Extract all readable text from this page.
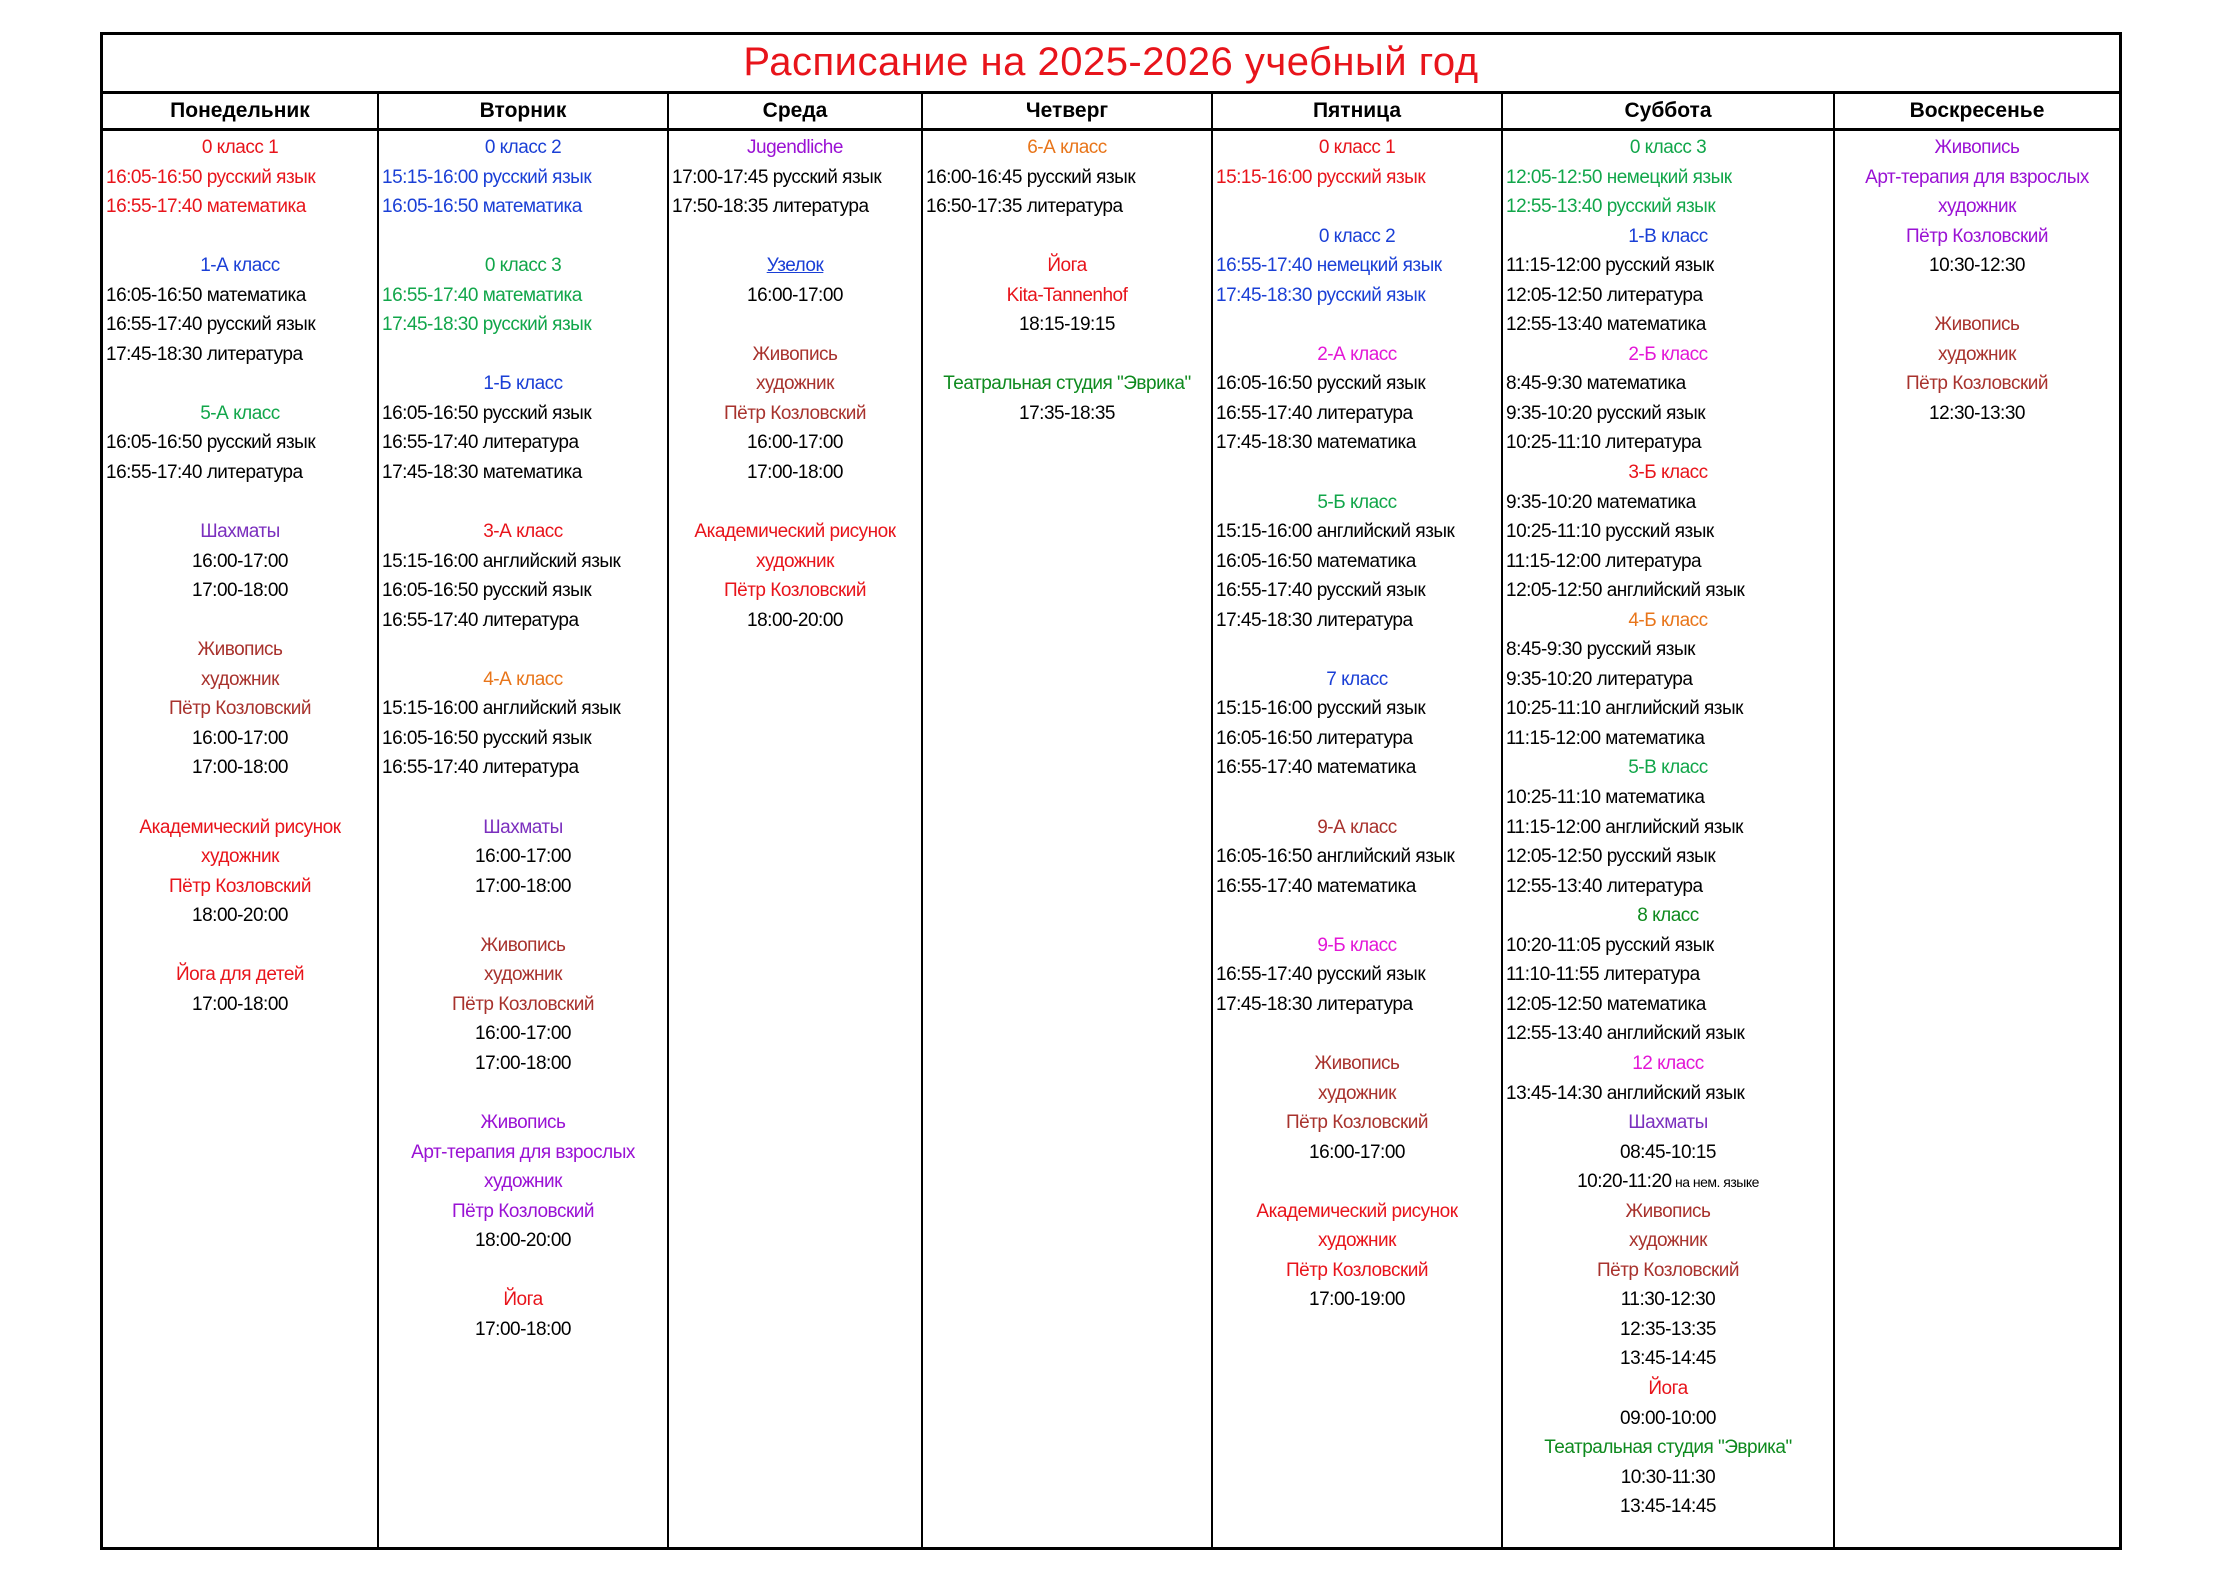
Расписание на 2025-2026 учебный год
Понедельник
0 класс 1
16:05-16:50 русский язык
16:55-17:40 математика
1-А класс
16:05-16:50 математика
16:55-17:40 русский язык
17:45-18:30 литература
5-А класс
16:05-16:50 русский язык
16:55-17:40 литература
Шахматы
16:00-17:00
17:00-18:00
Живопись
художник
Пётр Козловский
16:00-17:00
17:00-18:00
Академический рисунок
художник
Пётр Козловский
18:00-20:00
Йога для детей
17:00-18:00
Вторник
0 класс 2
15:15-16:00 русский язык
16:05-16:50 математика
0 класс 3
16:55-17:40 математика
17:45-18:30 русский язык
1-Б класс
16:05-16:50 русский язык
16:55-17:40 литература
17:45-18:30 математика
3-А класс
15:15-16:00 английский язык
16:05-16:50 русский язык
16:55-17:40 литература
4-А класс
15:15-16:00 английский язык
16:05-16:50 русский язык
16:55-17:40 литература
Шахматы
16:00-17:00
17:00-18:00
Живопись
художник
Пётр Козловский
16:00-17:00
17:00-18:00
Живопись
Арт-терапия для взрослых
художник
Пётр Козловский
18:00-20:00
Йога
17:00-18:00
Среда
Jugendliche
17:00-17:45 русский язык
17:50-18:35 литература
Узелок
16:00-17:00
Живопись
художник
Пётр Козловский
16:00-17:00
17:00-18:00
Академический рисунок
художник
Пётр Козловский
18:00-20:00
Четверг
6-А класс
16:00-16:45 русский язык
16:50-17:35 литература
Йога
Kita-Tannenhof
18:15-19:15
Театральная студия "Эврика"
17:35-18:35
Пятница
0 класс 1
15:15-16:00 русский язык
0 класс 2
16:55-17:40 немецкий язык
17:45-18:30 русский язык
2-А класс
16:05-16:50 русский язык
16:55-17:40 литература
17:45-18:30 математика
5-Б класс
15:15-16:00 английский язык
16:05-16:50 математика
16:55-17:40 русский язык
17:45-18:30 литература
7 класс
15:15-16:00 русский язык
16:05-16:50 литература
16:55-17:40 математика
9-А класс
16:05-16:50 английский язык
16:55-17:40 математика
9-Б класс
16:55-17:40 русский язык
17:45-18:30 литература
Живопись
художник
Пётр Козловский
16:00-17:00
Академический рисунок
художник
Пётр Козловский
17:00-19:00
Суббота
0 класс 3
12:05-12:50 немецкий язык
12:55-13:40 русский язык
1-В класс
11:15-12:00 русский язык
12:05-12:50 литература
12:55-13:40 математика
2-Б класс
8:45-9:30 математика
9:35-10:20 русский язык
10:25-11:10 литература
3-Б класс
9:35-10:20 математика
10:25-11:10 русский язык
11:15-12:00 литература
12:05-12:50 английский язык
4-Б класс
8:45-9:30 русский язык
9:35-10:20 литература
10:25-11:10 английский язык
11:15-12:00 математика
5-В класс
10:25-11:10 математика
11:15-12:00 английский язык
12:05-12:50 русский язык
12:55-13:40 литература
8 класс
10:20-11:05 русский язык
11:10-11:55 литература
12:05-12:50 математика
12:55-13:40 английский язык
12 класс
13:45-14:30 английский язык
Шахматы
08:45-10:15
10:20-11:20 на нем. языке
Живопись
художник
Пётр Козловский
11:30-12:30
12:35-13:35
13:45-14:45
Йога
09:00-10:00
Театральная студия "Эврика"
10:30-11:30
13:45-14:45
Воскресенье
Живопись
Арт-терапия для взрослых
художник
Пётр Козловский
10:30-12:30
Живопись
художник
Пётр Козловский
12:30-13:30
